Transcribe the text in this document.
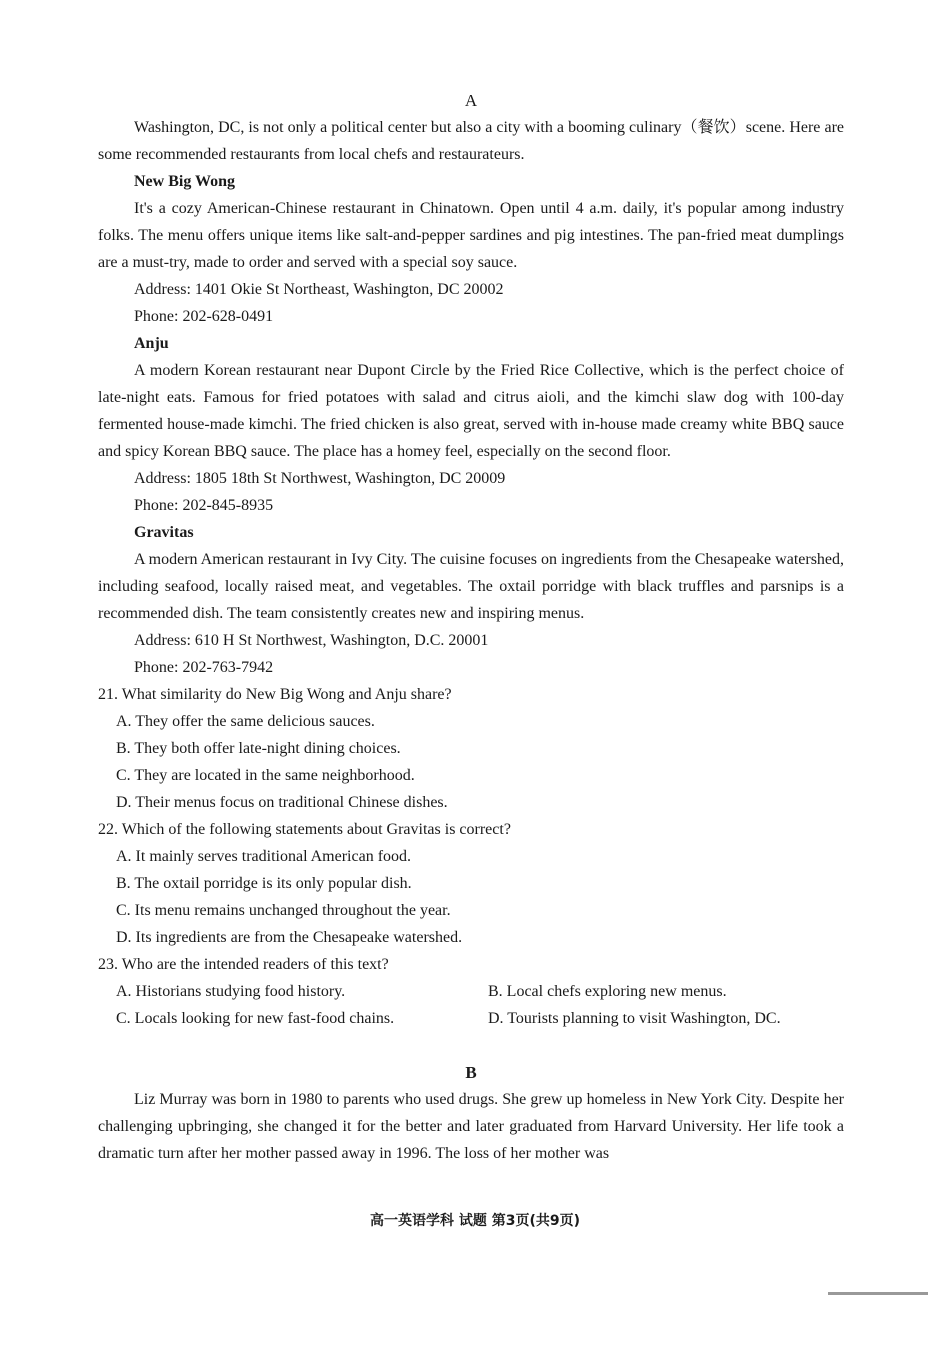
A

Washington, DC, is not only a political center but also a city with a booming culinary（餐饮）scene. Here are some recommended restaurants from local chefs and restaurateurs.

New Big Wong

It's a cozy American-Chinese restaurant in Chinatown. Open until 4 a.m. daily, it's popular among industry folks. The menu offers unique items like salt-and-pepper sardines and pig intestines. The pan-fried meat dumplings are a must-try, made to order and served with a special soy sauce.

Address: 1401 Okie St Northeast, Washington, DC 20002

Phone: 202-628-0491

Anju

A modern Korean restaurant near Dupont Circle by the Fried Rice Collective, which is the perfect choice of late-night eats. Famous for fried potatoes with salad and citrus aioli, and the kimchi slaw dog with 100-day fermented house-made kimchi. The fried chicken is also great, served with in-house made creamy white BBQ sauce and spicy Korean BBQ sauce. The place has a homey feel, especially on the second floor.

Address: 1805 18th St Northwest, Washington, DC 20009

Phone: 202-845-8935

Gravitas

A modern American restaurant in Ivy City. The cuisine focuses on ingredients from the Chesapeake watershed, including seafood, locally raised meat, and vegetables. The oxtail porridge with black truffles and parsnips is a recommended dish. The team consistently creates new and inspiring menus.

Address: 610 H St Northwest, Washington, D.C. 20001

Phone: 202-763-7942

21. What similarity do New Big Wong and Anju share?

A. They offer the same delicious sauces.

B. They both offer late-night dining choices.

C. They are located in the same neighborhood.

D. Their menus focus on traditional Chinese dishes.

22. Which of the following statements about Gravitas is correct?

A. It mainly serves traditional American food.

B. The oxtail porridge is its only popular dish.

C. Its menu remains unchanged throughout the year.

D. Its ingredients are from the Chesapeake watershed.

23. Who are the intended readers of this text?

A. Historians studying food history.	B. Local chefs exploring new menus.

C. Locals looking for new fast-food chains.	D. Tourists planning to visit Washington, DC.

B

Liz Murray was born in 1980 to parents who used drugs. She grew up homeless in New York City. Despite her challenging upbringing, she changed it for the better and later graduated from Harvard University. Her life took a dramatic turn after her mother passed away in 1996. The loss of her mother was

高一英语学科 试题 第3页(共9页)
